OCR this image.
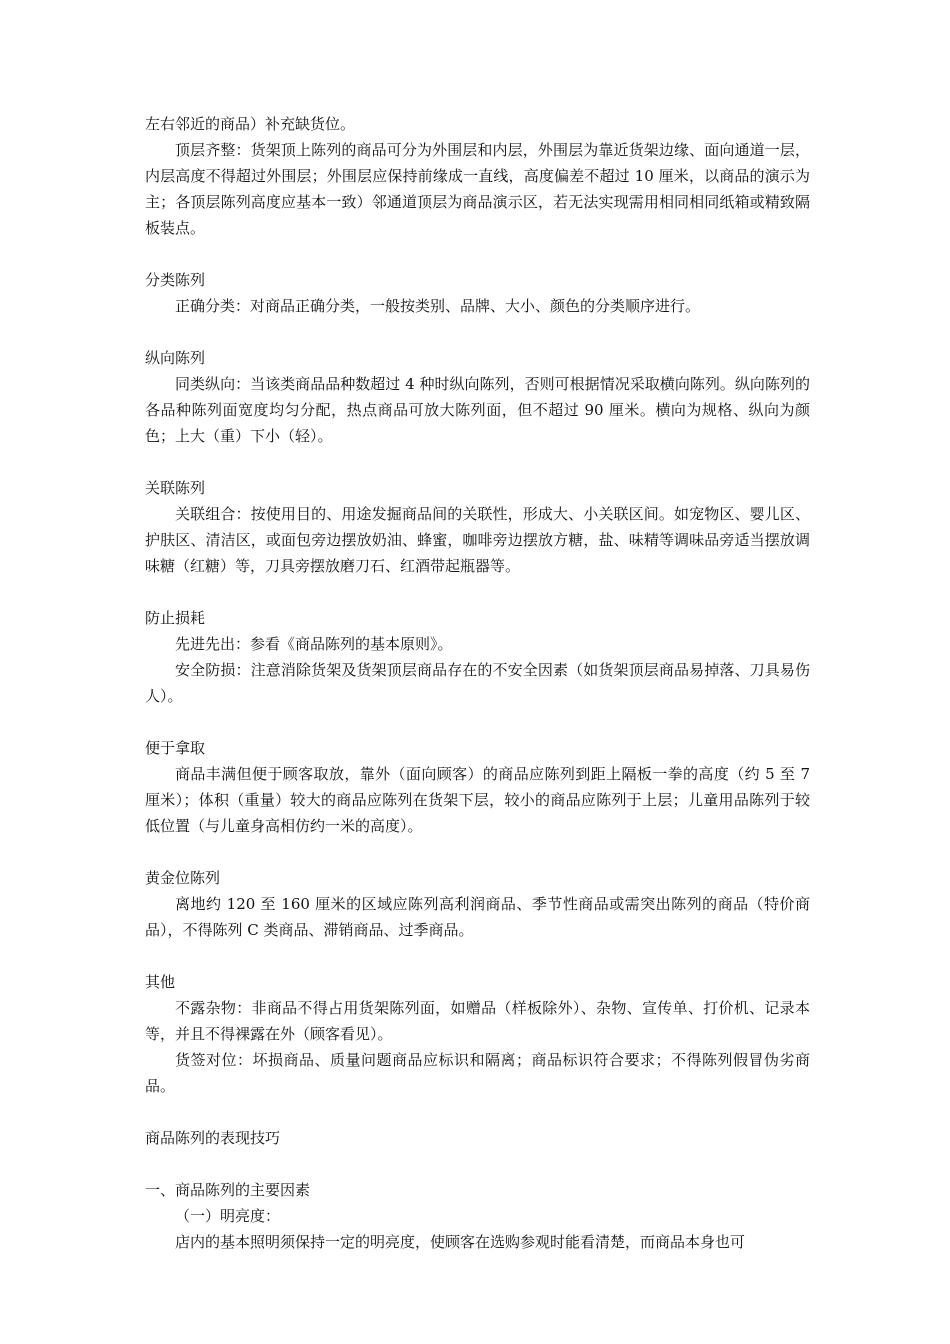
左右邻近的商品）补充缺货位。

顶层齐整：货架顶上陈列的商品可分为外围层和内层，外围层为靠近货架边缘、面向通道一层，内层高度不得超过外围层；外围层应保持前缘成一直线，高度偏差不超过 10 厘米，以商品的演示为主；各顶层陈列高度应基本一致）邻通道顶层为商品演示区，若无法实现需用相同相同纸箱或精致隔板装点。

分类陈列

正确分类：对商品正确分类，一般按类别、品牌、大小、颜色的分类顺序进行。

纵向陈列

同类纵向：当该类商品品种数超过 4 种时纵向陈列，否则可根据情况采取横向陈列。纵向陈列的各品种陈列面宽度均匀分配，热点商品可放大陈列面，但不超过 90 厘米。横向为规格、纵向为颜色；上大（重）下小（轻）。

关联陈列

关联组合：按使用目的、用途发掘商品间的关联性，形成大、小关联区间。如宠物区、婴儿区、护肤区、清洁区，或面包旁边摆放奶油、蜂蜜，咖啡旁边摆放方糖，盐、味精等调味品旁适当摆放调味糖（红糖）等，刀具旁摆放磨刀石、红酒带起瓶器等。

防止损耗

先进先出：参看《商品陈列的基本原则》。

安全防损：注意消除货架及货架顶层商品存在的不安全因素（如货架顶层商品易掉落、刀具易伤人）。

便于拿取

商品丰满但便于顾客取放，靠外（面向顾客）的商品应陈列到距上隔板一拳的高度（约 5 至 7 厘米）；体积（重量）较大的商品应陈列在货架下层，较小的商品应陈列于上层；儿童用品陈列于较低位置（与儿童身高相仿约一米的高度）。

黄金位陈列

离地约 120 至 160 厘米的区域应陈列高利润商品、季节性商品或需突出陈列的商品（特价商品），不得陈列 C 类商品、滞销商品、过季商品。

其他

不露杂物：非商品不得占用货架陈列面，如赠品（样板除外）、杂物、宣传单、打价机、记录本等，并且不得裸露在外（顾客看见）。

货签对位：坏损商品、质量问题商品应标识和隔离；商品标识符合要求；不得陈列假冒伪劣商品。

商品陈列的表现技巧

一、商品陈列的主要因素

（一）明亮度：

店内的基本照明须保持一定的明亮度，使顾客在选购参观时能看清楚，而商品本身也可
